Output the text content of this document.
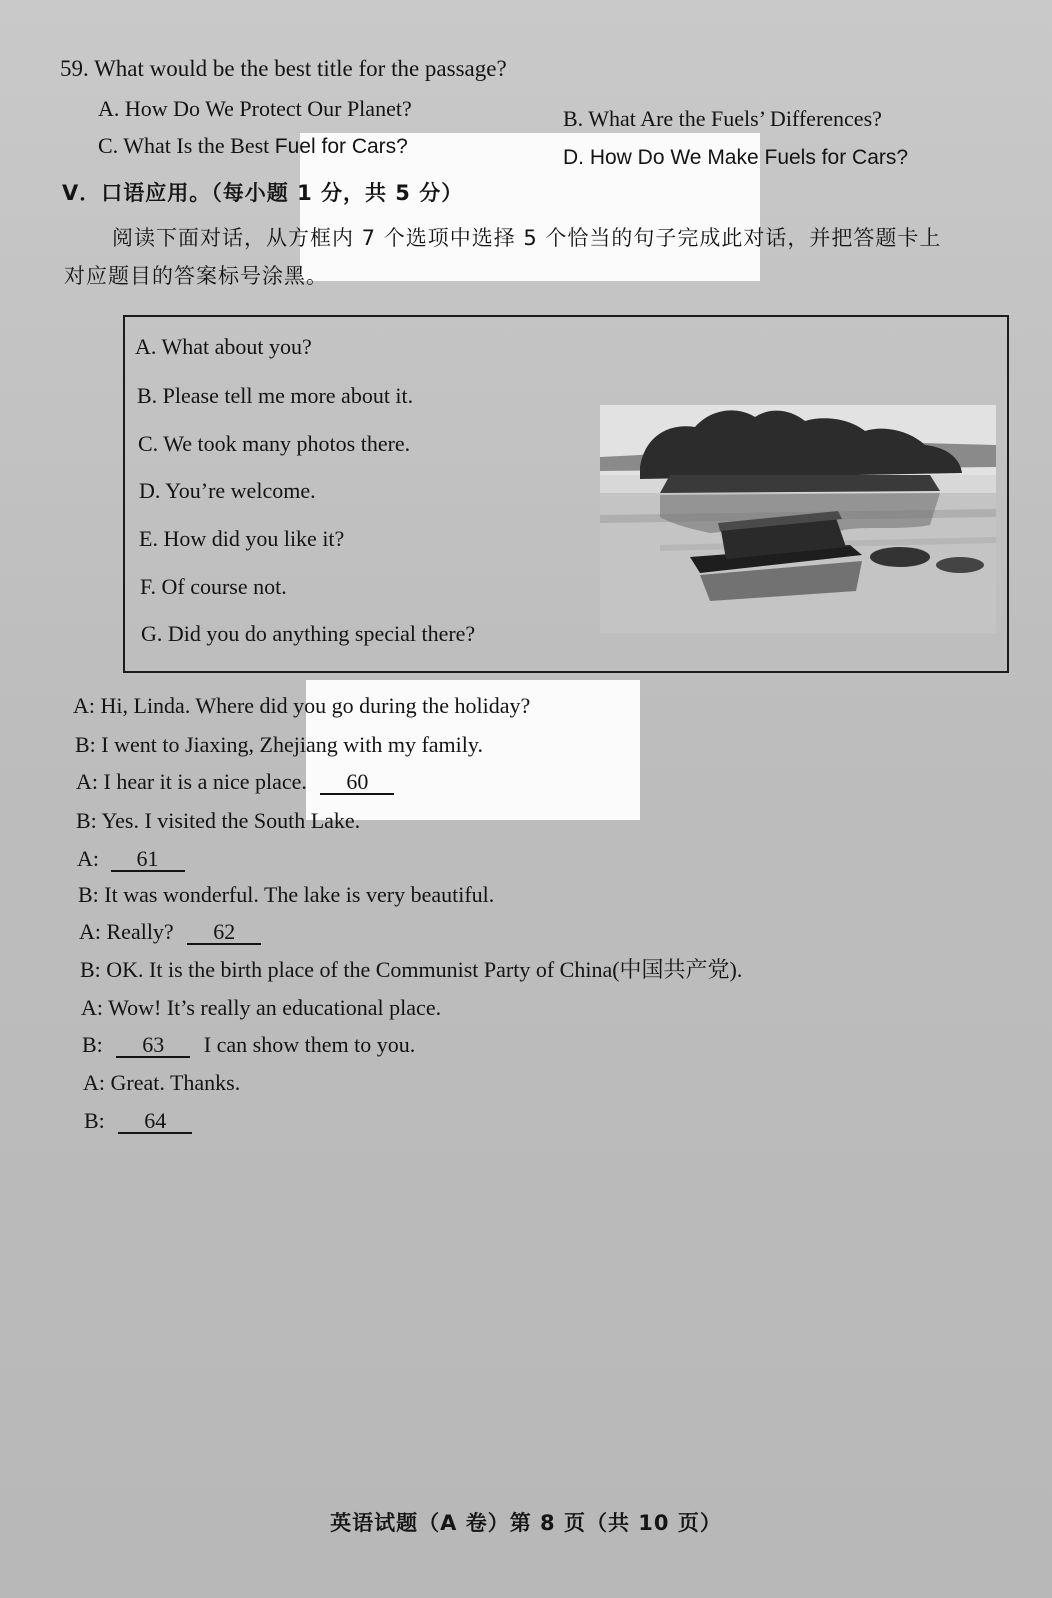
59. What would be the best title for the passage?
A. How Do We Protect Our Planet?	B. What Are the Fuels’ Differences?
C. What Is the Best Fuel for Cars?	D. How Do We Make Fuels for Cars?
V．口语应用。（每小题 1 分，共 5 分）
阅读下面对话，从方框内 7 个选项中选择 5 个恰当的句子完成此对话，并把答题卡上
对应题目的答案标号涂黑。
A. What about you?
B. Please tell me more about it.
C. We took many photos there.
D. You’re welcome.
E. How did you like it?
F. Of course not.
G. Did you do anything special there?
A: Hi, Linda. Where did you go during the holiday?
B: I went to Jiaxing, Zhejiang with my family.
A: I hear it is a nice place. 60
B: Yes. I visited the South Lake.
A: 61
B: It was wonderful. The lake is very beautiful.
A: Really? 62
B: OK. It is the birth place of the Communist Party of China(中国共产党).
A: Wow! It’s really an educational place.
B: 63 I can show them to you.
A: Great. Thanks.
B: 64
英语试题（A 卷）第 8 页（共 10 页）
